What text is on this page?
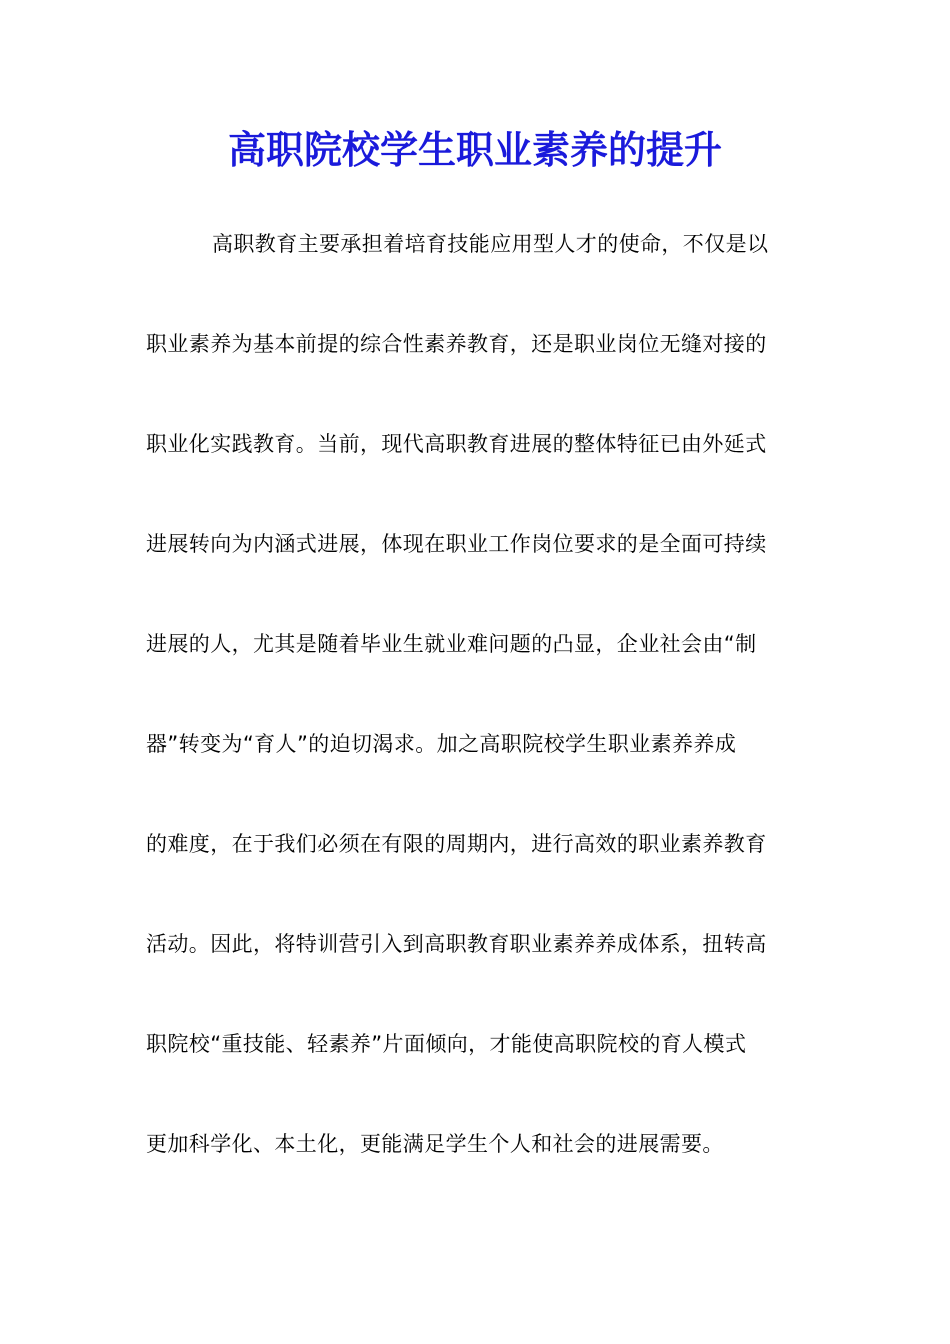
高职院校学生职业素养的提升
高职教育主要承担着培育技能应用型人才的使命，不仅是以
职业素养为基本前提的综合性素养教育，还是职业岗位无缝对接的
职业化实践教育。当前，现代高职教育进展的整体特征已由外延式
进展转向为内涵式进展，体现在职业工作岗位要求的是全面可持续
进展的人，尤其是随着毕业生就业难问题的凸显，企业社会由“制
器”转变为“育人”的迫切渴求。加之高职院校学生职业素养养成
的难度，在于我们必须在有限的周期内，进行高效的职业素养教育
活动。因此，将特训营引入到高职教育职业素养养成体系，扭转高
职院校“重技能、轻素养”片面倾向，才能使高职院校的育人模式
更加科学化、本土化，更能满足学生个人和社会的进展需要。
